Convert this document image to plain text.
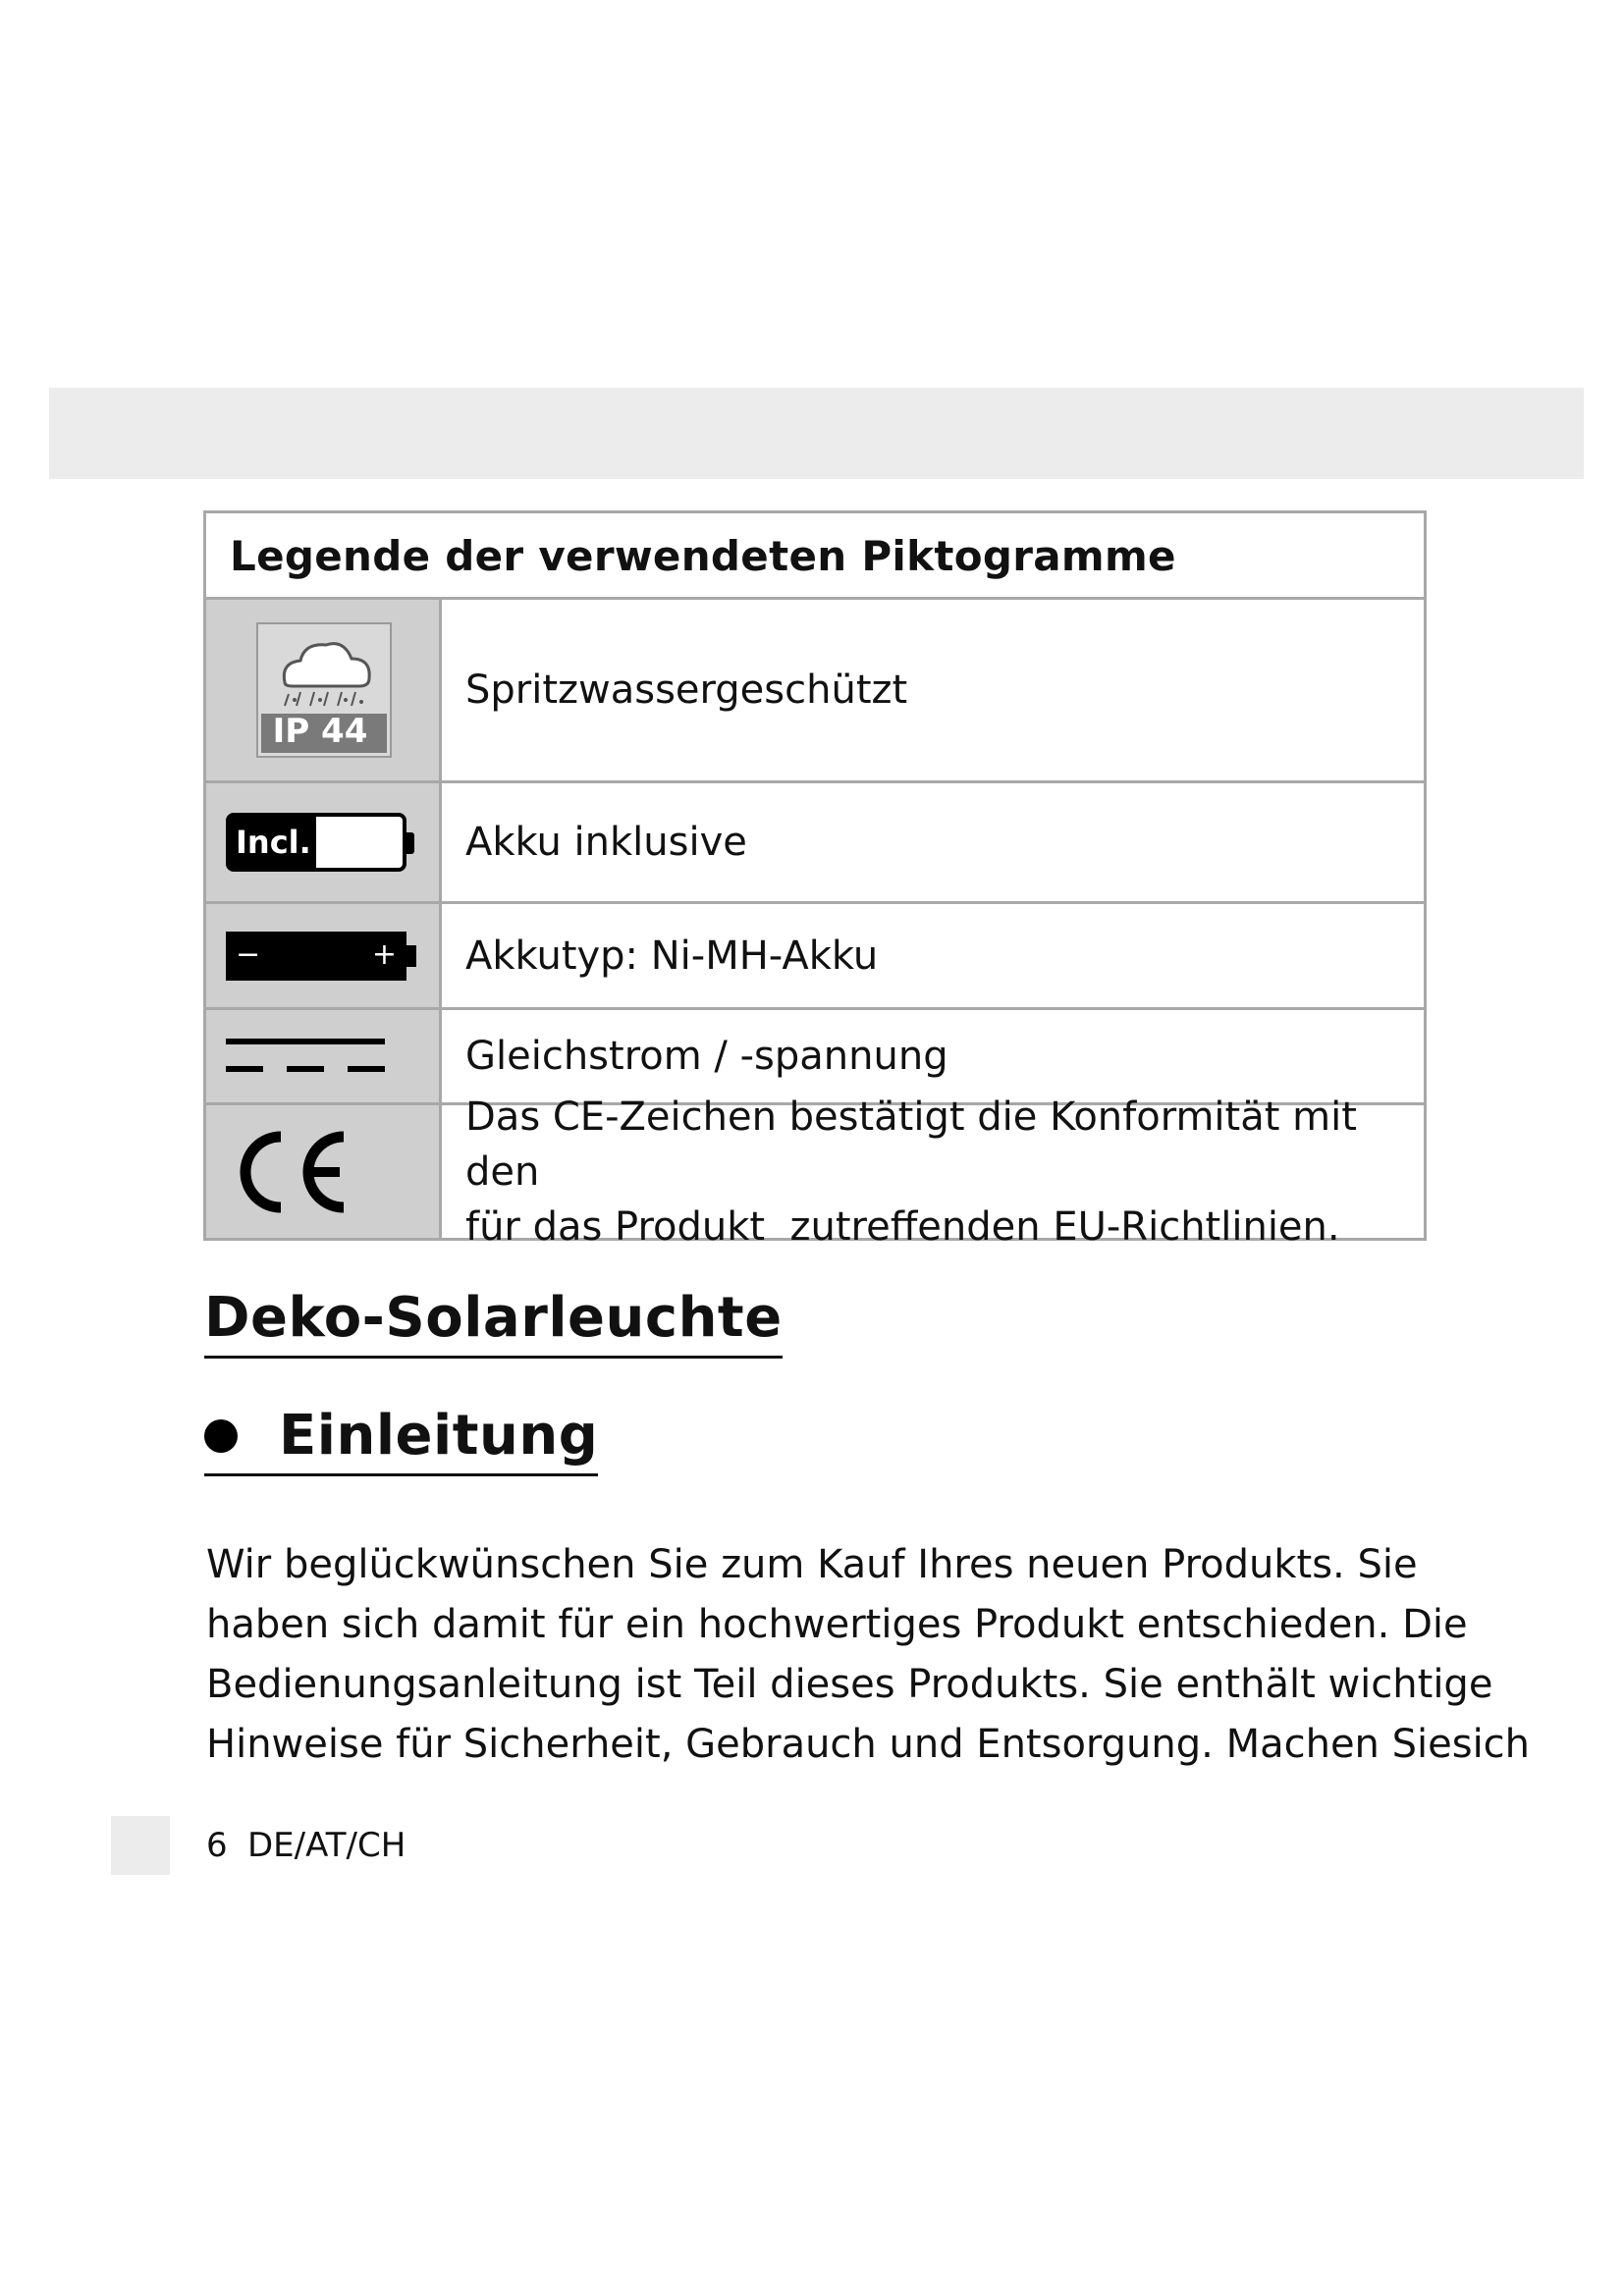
Legende der verwendeten Piktogramme
IP 44
Spritzwassergeschützt
Incl.	Akku inklusive
−	+ Akkutyp: Ni-MH-Akku
Gleichstrom / -spannung
Das CE-Zeichen bestätigt die Konformität mit den
für das Produkt  zutreffenden EU-Richtlinien.
Deko-Solarleuchte
Einleitung
Wir beglückwünschen Sie zum Kauf Ihres neuen Produkts. Sie
haben sich damit für ein hochwertiges Produkt entschieden. Die
Bedienungsanleitung ist Teil dieses Produkts. Sie enthält wichtige
Hinweise für Sicherheit, Gebrauch und Entsorgung. Machen Siesich
6 DE/AT/CH
